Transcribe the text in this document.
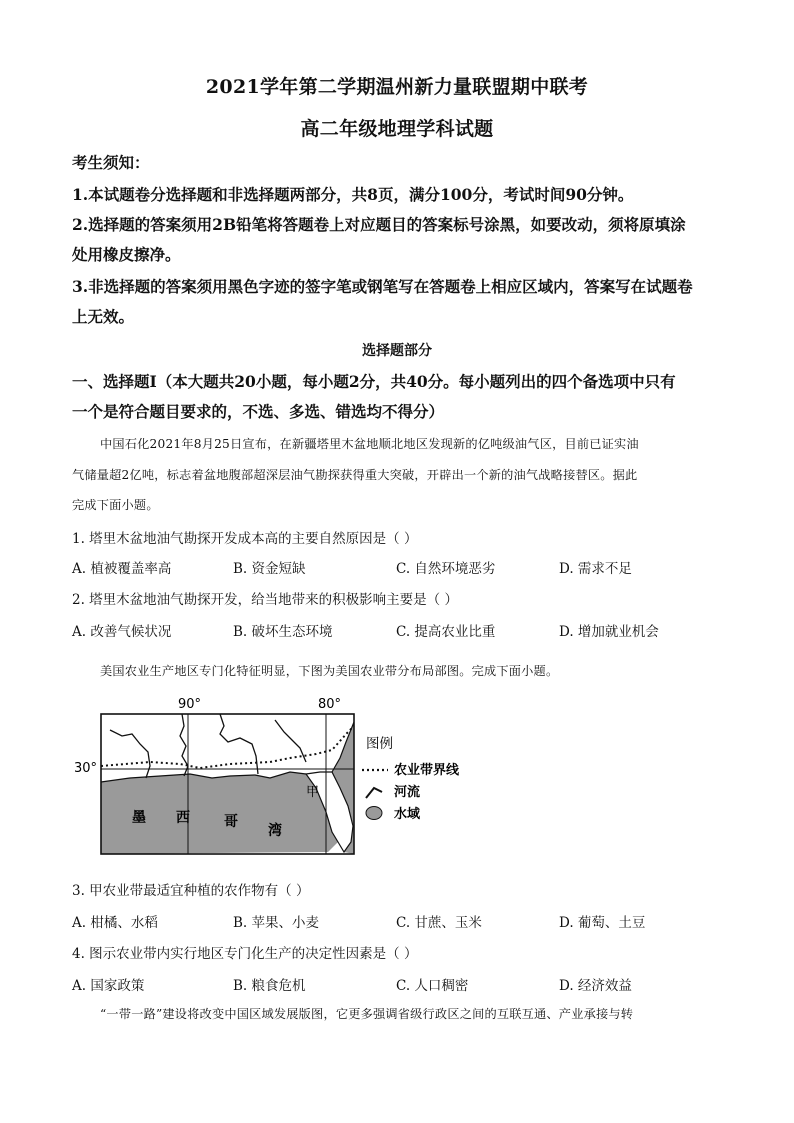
2021学年第二学期温州新力量联盟期中联考
高二年级地理学科试题
考生须知：
1.本试题卷分选择题和非选择题两部分，共8页，满分100分，考试时间90分钟。
2.选择题的答案须用2B铅笔将答题卷上对应题目的答案标号涂黑，如要改动，须将原填涂
处用橡皮擦净。
3.非选择题的答案须用黑色字迹的签字笔或钢笔写在答题卷上相应区域内，答案写在试题卷
上无效。
选择题部分
一、选择题Ⅰ（本大题共20小题，每小题2分，共40分。每小题列出的四个备选项中只有
一个是符合题目要求的，不选、多选、错选均不得分）
中国石化2021年8月25日宣布，在新疆塔里木盆地顺北地区发现新的亿吨级油气区，目前已证实油
气储量超2亿吨，标志着盆地腹部超深层油气勘探获得重大突破，开辟出一个新的油气战略接替区。据此
完成下面小题。
1. 塔里木盆地油气勘探开发成本高的主要自然原因是（ ）
A. 植被覆盖率高	B. 资金短缺	C. 自然环境恶劣	D. 需求不足
2. 塔里木盆地油气勘探开发，给当地带来的积极影响主要是（ ）
A. 改善气候状况	B. 破坏生态环境	C. 提高农业比重	D. 增加就业机会
美国农业生产地区专门化特征明显，下图为美国农业带分布局部图。完成下面小题。
90°	80°
30°
墨 西 哥
湾
甲
图例
农业带界线
河流
水域
3. 甲农业带最适宜种植的农作物有（ ）
A. 柑橘、水稻	B. 苹果、小麦	C. 甘蔗、玉米	D. 葡萄、土豆
4. 图示农业带内实行地区专门化生产的决定性因素是（ ）
A. 国家政策	B. 粮食危机	C. 人口稠密	D. 经济效益
“一带一路”建设将改变中国区域发展版图，它更多强调省级行政区之间的互联互通、产业承接与转
